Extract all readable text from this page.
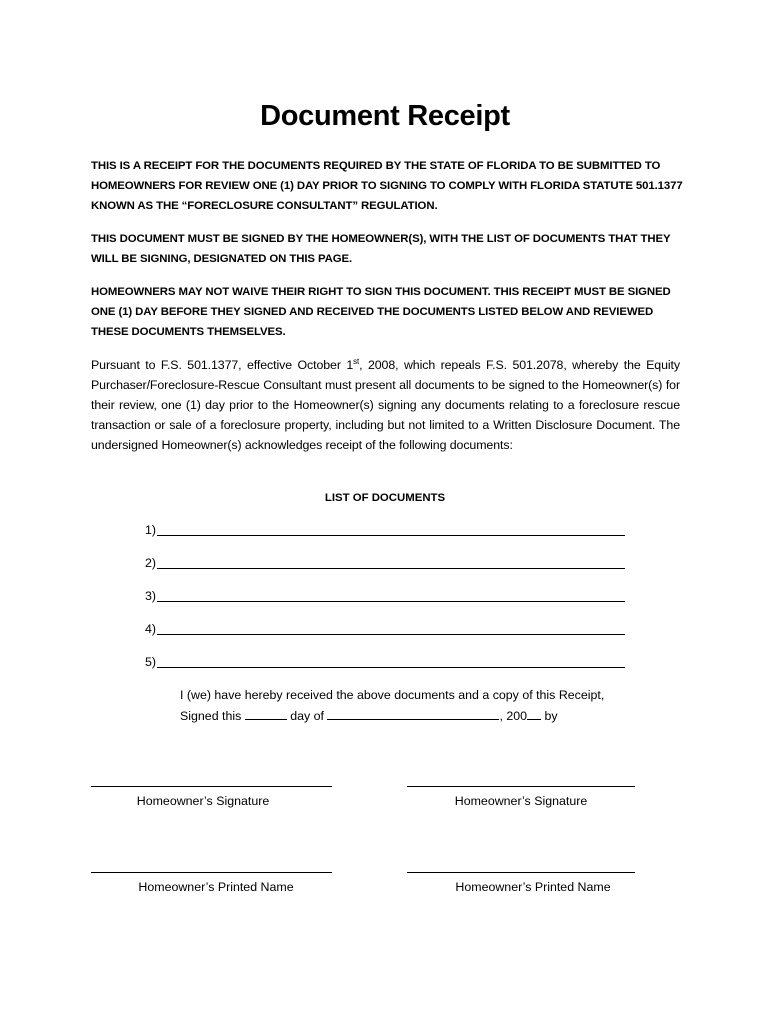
Document Receipt
THIS IS A RECEIPT FOR THE DOCUMENTS REQUIRED BY THE STATE OF FLORIDA TO BE SUBMITTED TO HOMEOWNERS FOR REVIEW ONE (1) DAY PRIOR TO SIGNING TO COMPLY WITH FLORIDA STATUTE 501.1377 KNOWN AS THE “FORECLOSURE CONSULTANT” REGULATION.
THIS DOCUMENT MUST BE SIGNED BY THE HOMEOWNER(S), WITH THE LIST OF DOCUMENTS THAT THEY WILL BE SIGNING, DESIGNATED ON THIS PAGE.
HOMEOWNERS MAY NOT WAIVE THEIR RIGHT TO SIGN THIS DOCUMENT. THIS RECEIPT MUST BE SIGNED ONE (1) DAY BEFORE THEY SIGNED AND RECEIVED THE DOCUMENTS LISTED BELOW AND REVIEWED THESE DOCUMENTS THEMSELVES.
Pursuant to F.S. 501.1377, effective October 1st, 2008, which repeals F.S. 501.2078, whereby the Equity Purchaser/Foreclosure-Rescue Consultant must present all documents to be signed to the Homeowner(s) for their review, one (1) day prior to the Homeowner(s) signing any documents relating to a foreclosure rescue transaction or sale of a foreclosure property, including but not limited to a Written Disclosure Document. The undersigned Homeowner(s) acknowledges receipt of the following documents:
LIST OF DOCUMENTS
1)
2)
3)
4)
5)
I (we) have hereby received the above documents and a copy of this Receipt,
Signed this	day of	, 200 by
Homeowner’s Signature	Homeowner’s Signature
Homeowner’s Printed Name	Homeowner’s Printed Name
